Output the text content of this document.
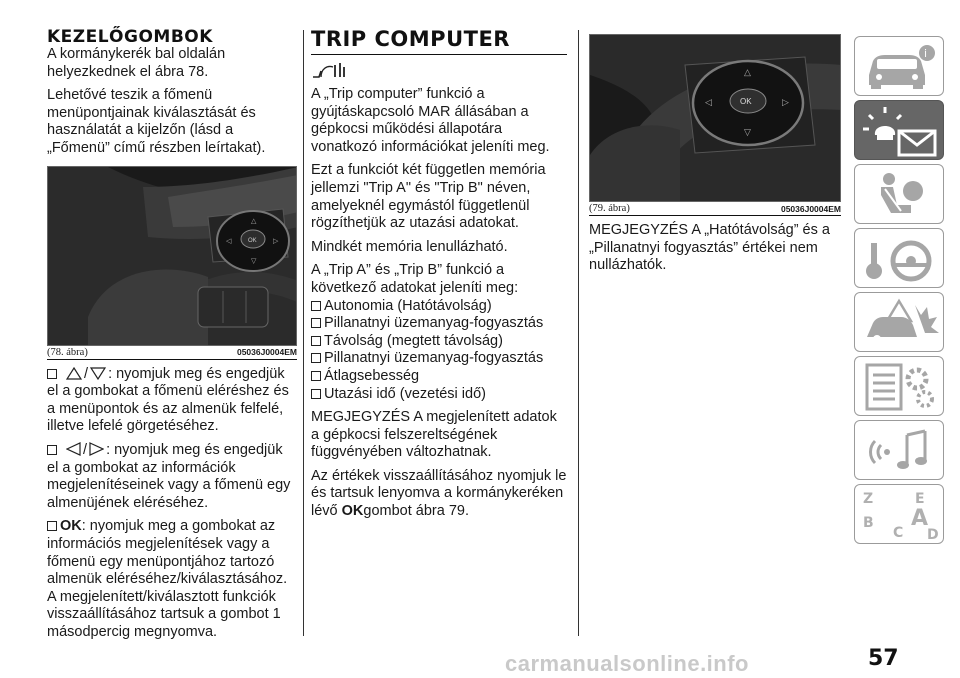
KEZELŐGOMBOK

A kormánykerék bal oldalán helyezkednek el ábra 78.

Lehetővé teszik a főmenü menüpontjainak kiválasztását és használatát a kijelzőn (lásd a „Főmenü” című részben leírtakat).

OK
△
▽
◁	▷
(78. ábra)	05036J0004EM

/ : nyomjuk meg és engedjük el a gombokat a főmenü eléréshez és a menüpontok és az almenük felfelé, illetve lefelé görgetéséhez.

/ : nyomjuk meg és engedjük el a gombokat az információk megjelenítéseinek vagy a főmenü egy almenüjének eléréséhez.

OK: nyomjuk meg a gombokat az információs megjelenítések vagy a főmenü egy menüpontjához tartozó almenük eléréséhez/kiválasztásához. A megjelenített/kiválasztott funkciók visszaállításához tartsuk a gombot 1 másodpercig megnyomva.

TRIP COMPUTER

A „Trip computer” funkció a gyújtáskapcsoló MAR állásában a gépkocsi működési állapotára vonatkozó információkat jeleníti meg.

Ezt a funkciót két független memória jellemzi "Trip A" és "Trip B" néven, amelyeknél egymástól függetlenül rögzíthetjük az utazási adatokat.

Mindkét memória lenullázható.

A „Trip A” és „Trip B” funkció a következő adatokat jeleníti meg:

Autonomia (Hatótávolság)
Pillanatnyi üzemanyag-fogyasztás
Távolság (megtett távolság)
Pillanatnyi üzemanyag-fogyasztás
Átlagsebesség
Utazási idő (vezetési idő)

MEGJEGYZÉS A megjelenített adatok a gépkocsi felszereltségének függvényében változhatnak.

Az értékek visszaállításához nyomjuk le és tartsuk lenyomva a kormánykeréken lévő OKgombot ábra 79.

OK
△
▽
◁	▷
(79. ábra)	05036J0004EM

MEGJEGYZÉS A „Hatótávolság” és a „Pillanatnyi fogyasztás” értékei nem nullázhatók.

i
Z	E
B
C
A
D
carmanualsonline.info	57
